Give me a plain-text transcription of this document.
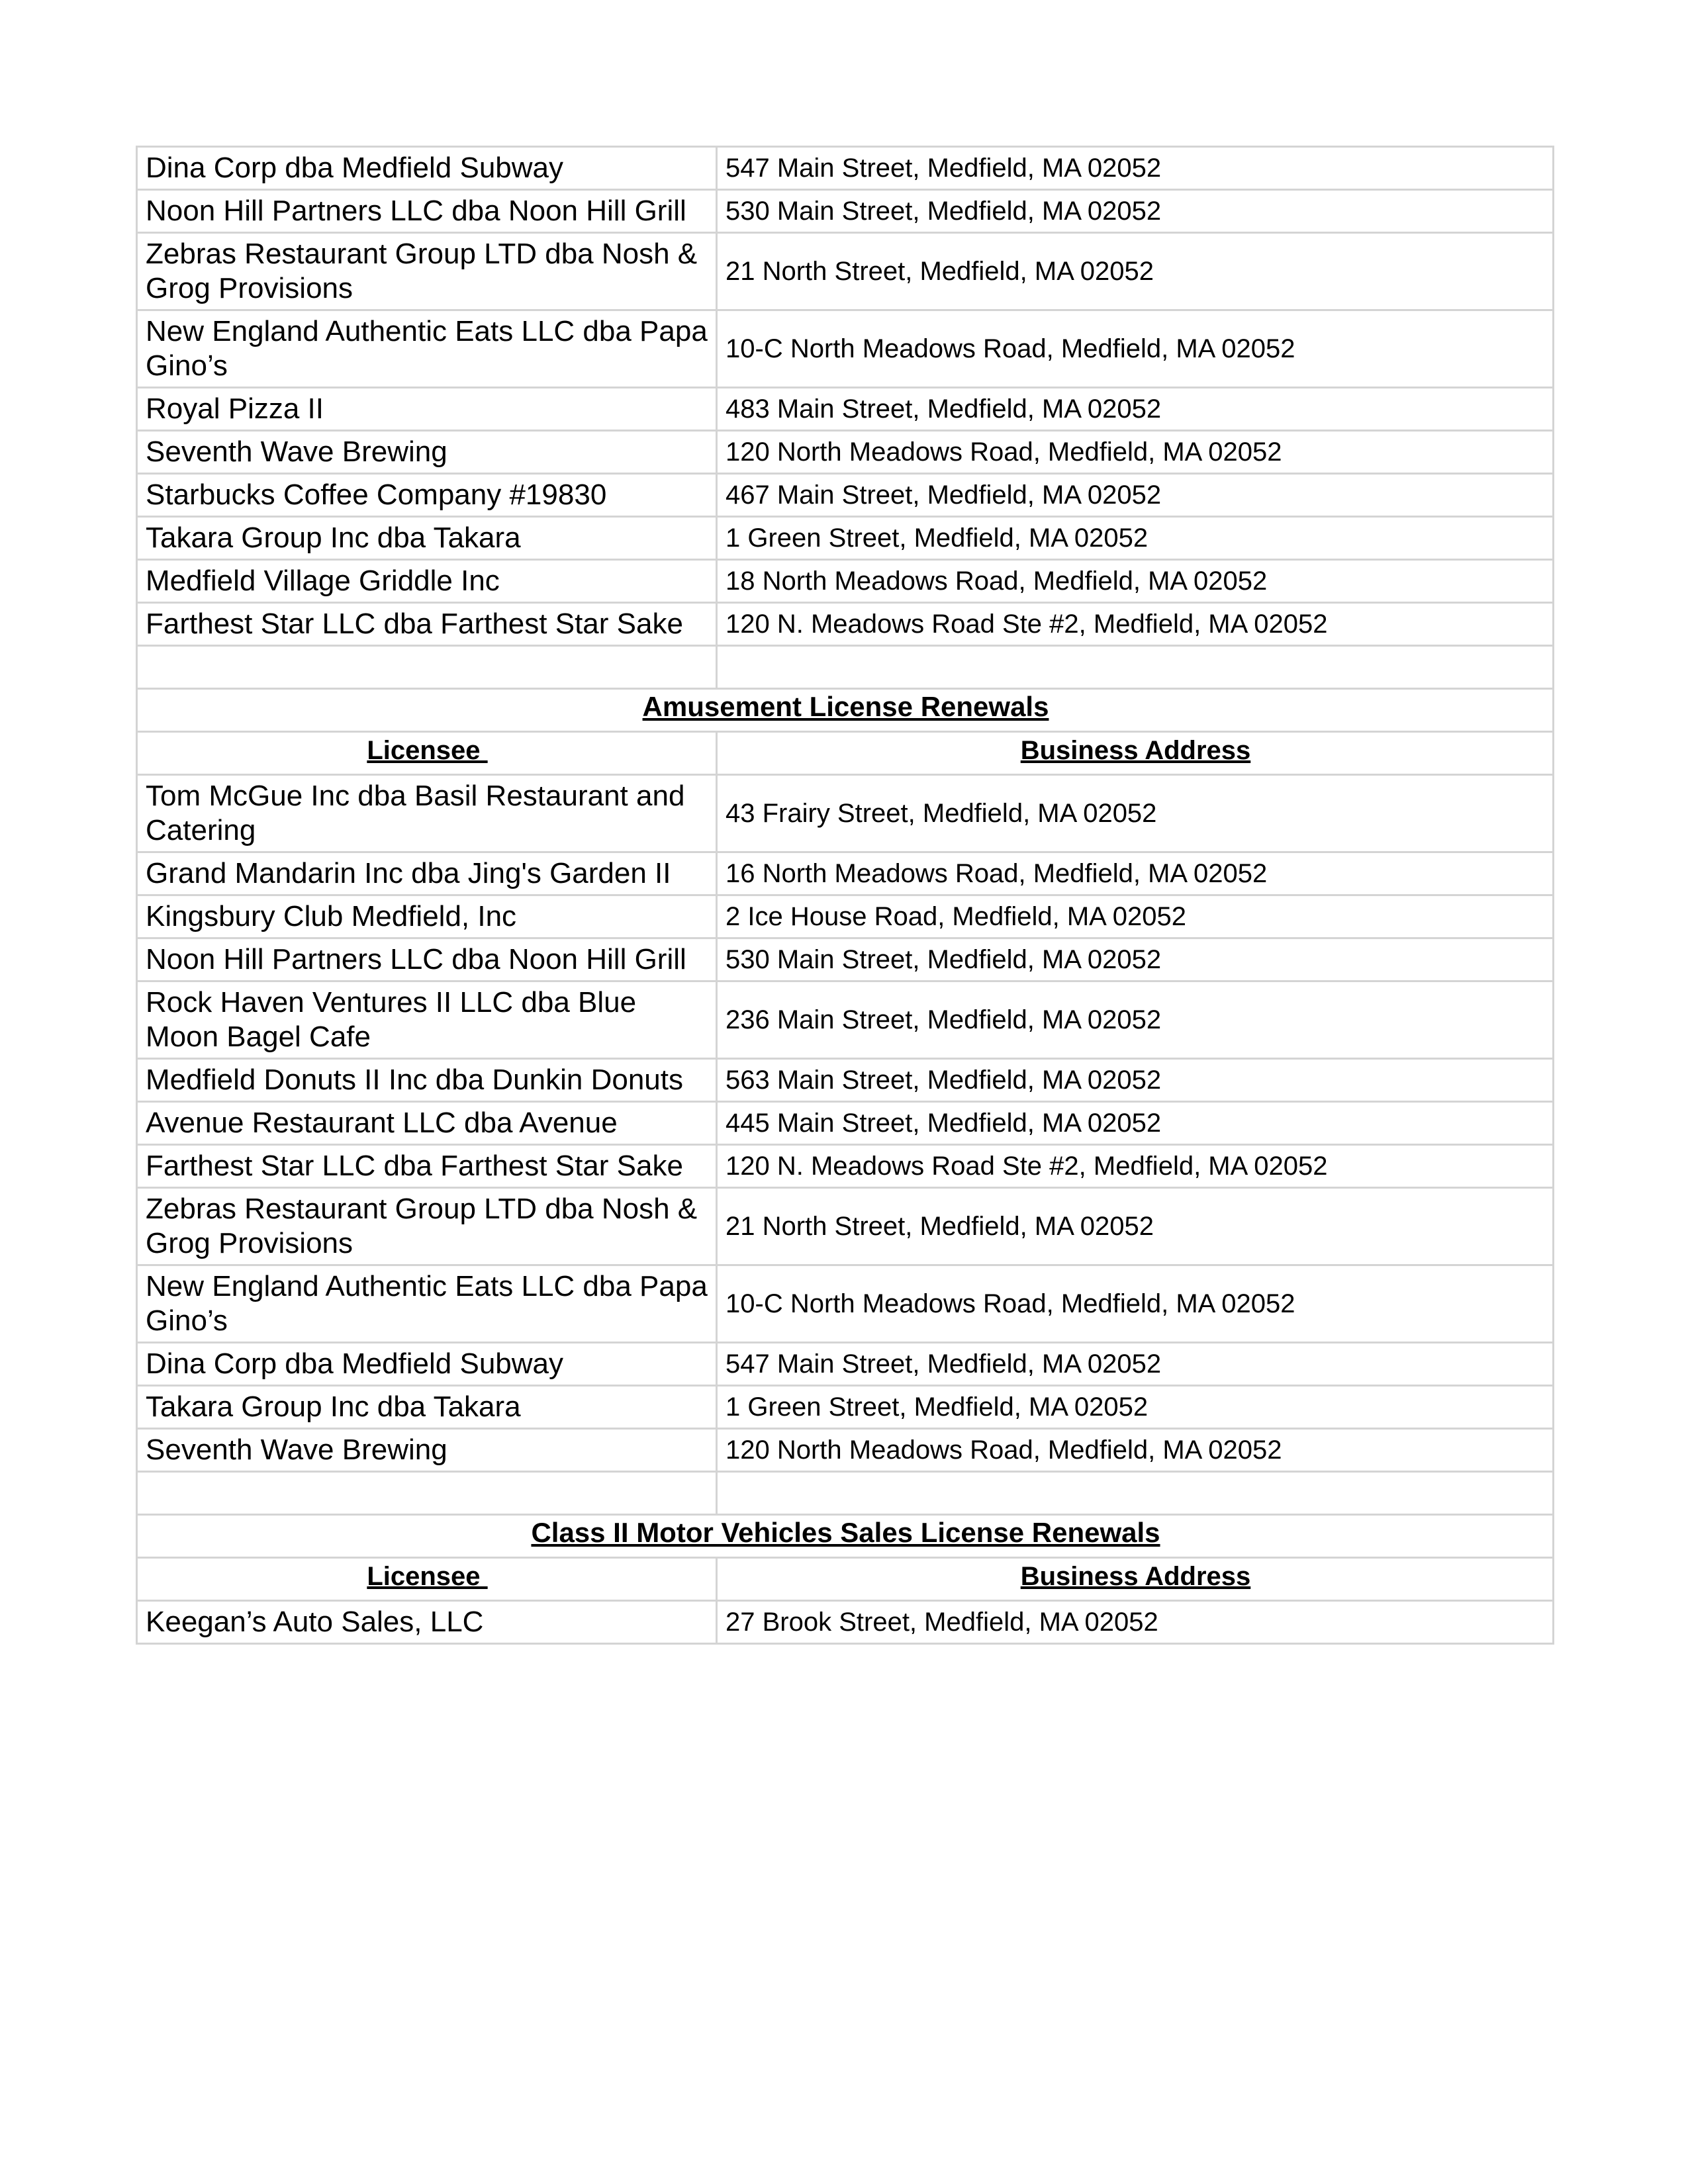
Dina Corp dba Medfield Subway	547 Main Street, Medfield, MA 02052
Noon Hill Partners LLC dba Noon Hill Grill	530 Main Street, Medfield, MA 02052
Zebras Restaurant Group LTD dba Nosh & Grog Provisions	21 North Street, Medfield, MA 02052
New England Authentic Eats LLC dba Papa Gino’s	10-C North Meadows Road, Medfield, MA 02052
Royal Pizza II	483 Main Street, Medfield, MA 02052
Seventh Wave Brewing	120 North Meadows Road, Medfield, MA 02052
Starbucks Coffee Company #19830	467 Main Street, Medfield, MA 02052
Takara Group Inc dba Takara	1 Green Street, Medfield, MA 02052
Medfield Village Griddle Inc	18 North Meadows Road, Medfield, MA 02052
Farthest Star LLC dba Farthest Star Sake	120 N. Meadows Road Ste #2, Medfield, MA 02052

Amusement License Renewals	
Licensee	Business Address
Tom McGue Inc dba Basil Restaurant and Catering	43 Frairy Street, Medfield, MA 02052
Grand Mandarin Inc dba Jing's Garden II	16 North Meadows Road, Medfield, MA 02052
Kingsbury Club Medfield, Inc	2 Ice House Road, Medfield, MA 02052
Noon Hill Partners LLC dba Noon Hill Grill	530 Main Street, Medfield, MA 02052
Rock Haven Ventures II LLC dba Blue Moon Bagel Cafe	236 Main Street, Medfield, MA 02052
Medfield Donuts II Inc dba Dunkin Donuts	563 Main Street, Medfield, MA 02052
Avenue Restaurant LLC dba Avenue	445 Main Street, Medfield, MA 02052
Farthest Star LLC dba Farthest Star Sake	120 N. Meadows Road Ste #2, Medfield, MA 02052
Zebras Restaurant Group LTD dba Nosh & Grog Provisions	21 North Street, Medfield, MA 02052
New England Authentic Eats LLC dba Papa Gino’s	10-C North Meadows Road, Medfield, MA 02052
Dina Corp dba Medfield Subway	547 Main Street, Medfield, MA 02052
Takara Group Inc dba Takara	1 Green Street, Medfield, MA 02052
Seventh Wave Brewing	120 North Meadows Road, Medfield, MA 02052

Class II Motor Vehicles Sales License Renewals	
Licensee	Business Address
Keegan’s Auto Sales, LLC	27 Brook Street, Medfield, MA 02052
